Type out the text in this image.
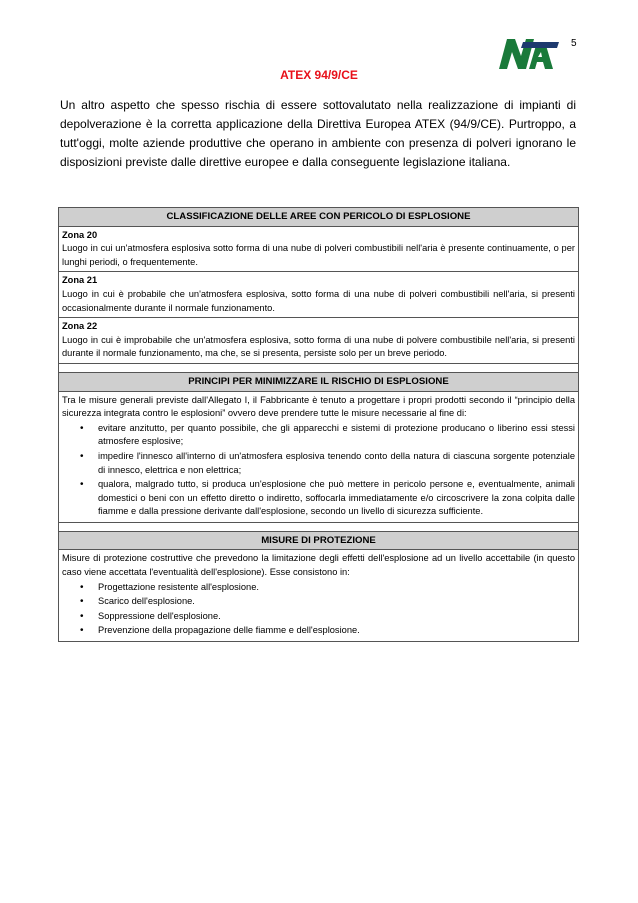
5
ATEX 94/9/CE

Un altro aspetto che spesso rischia di essere sottovalutato nella realizzazione di impianti di depolverazione è la corretta applicazione della Direttiva Europea ATEX (94/9/CE). Purtroppo, a tutt'oggi, molte aziende produttive che operano in ambiente con presenza di polveri ignorano le disposizioni previste dalle direttive europee e dalla conseguente legislazione italiana.

CLASSIFICAZIONE DELLE AREE CON PERICOLO DI ESPLOSIONE

Zona 20
Luogo in cui un'atmosfera esplosiva sotto forma di una nube di polveri combustibili nell'aria è presente continuamente, o per lunghi periodi, o frequentemente.

Zona 21
Luogo in cui è probabile che un'atmosfera esplosiva, sotto forma di una nube di polveri combustibili nell'aria, si presenti occasionalmente durante il normale funzionamento.

Zona 22
Luogo in cui è improbabile che un'atmosfera esplosiva, sotto forma di una nube di polvere combustibile nell'aria, si presenti durante il normale funzionamento, ma che, se si presenta, persiste solo per un breve periodo.

PRINCIPI PER MINIMIZZARE IL RISCHIO DI ESPLOSIONE
Tra le misure generali previste dall'Allegato I, il Fabbricante è tenuto a progettare i propri prodotti secondo il “principio della sicurezza integrata contro le esplosioni” ovvero deve prendere tutte le misure necessarie al fine di:
• evitare anzitutto, per quanto possibile, che gli apparecchi e sistemi di protezione producano o liberino essi stessi atmosfere esplosive;
• impedire l'innesco all'interno di un'atmosfera esplosiva tenendo conto della natura di ciascuna sorgente potenziale di innesco, elettrica e non elettrica;
• qualora, malgrado tutto, si produca un'esplosione che può mettere in pericolo persone e, eventualmente, animali domestici o beni con un effetto diretto o indiretto, soffocarla immediatamente e/o circoscrivere la zona colpita dalle fiamme e dalla pressione derivante dall'esplosione, secondo un livello di sicurezza sufficiente.

MISURE DI PROTEZIONE
Misure di protezione costruttive che prevedono la limitazione degli effetti dell'esplosione ad un livello accettabile (in questo caso viene accettata l'eventualità dell'esplosione). Esse consistono in:
• Progettazione resistente all'esplosione.
• Scarico dell'esplosione.
• Soppressione dell'esplosione.
• Prevenzione della propagazione delle fiamme e dell'esplosione.
